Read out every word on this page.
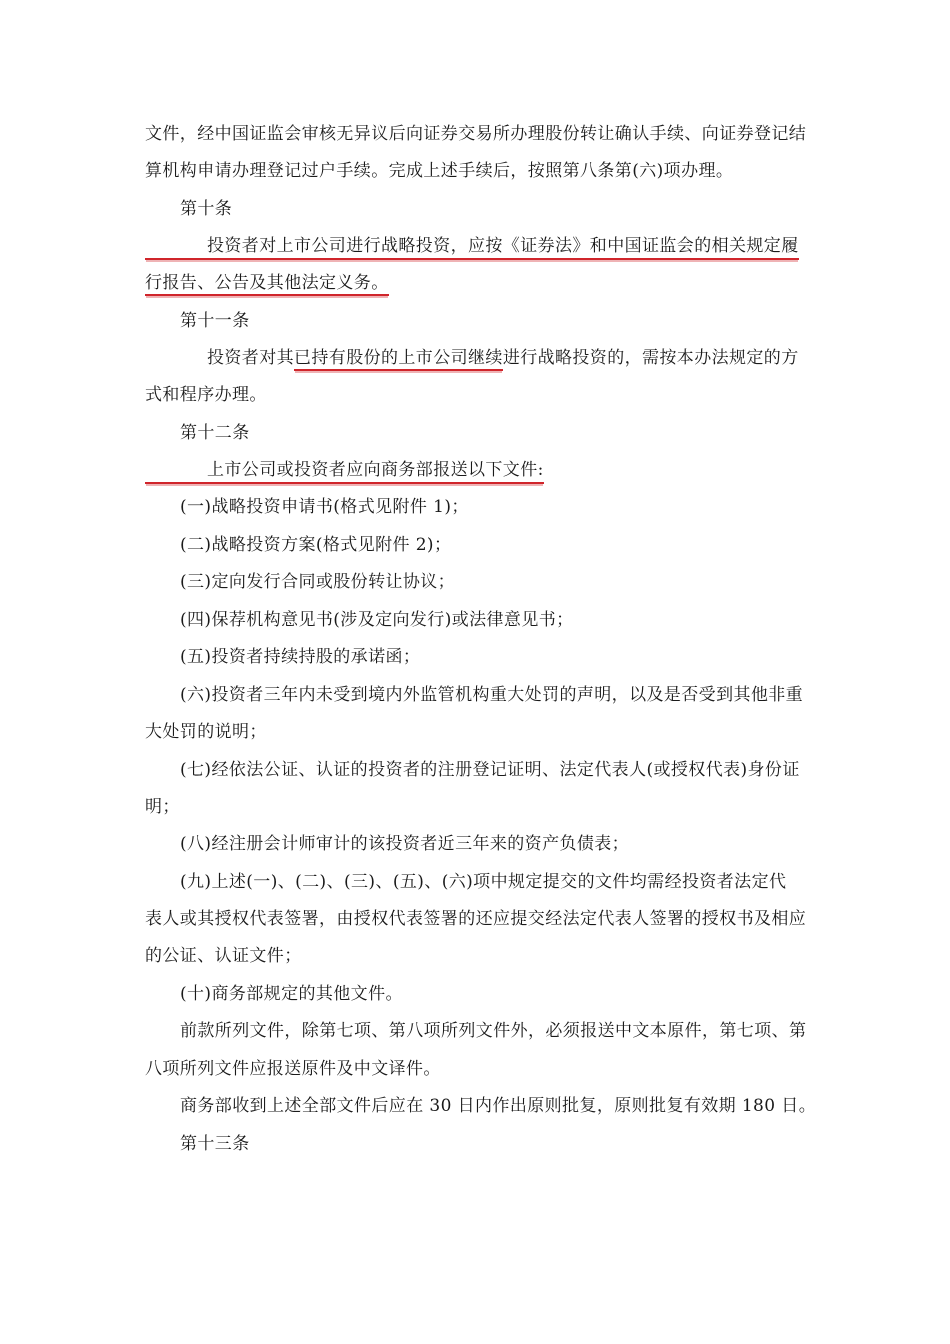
文件，经中国证监会审核无异议后向证券交易所办理股份转让确认手续、向证券登记结
算机构申请办理登记过户手续。完成上述手续后，按照第八条第(六)项办理。
第十条
投资者对上市公司进行战略投资，应按《证券法》和中国证监会的相关规定履
行报告、公告及其他法定义务。
第十一条
投资者对其已持有股份的上市公司继续进行战略投资的，需按本办法规定的方
式和程序办理。
第十二条
上市公司或投资者应向商务部报送以下文件:
(一)战略投资申请书(格式见附件 1)；
(二)战略投资方案(格式见附件 2)；
(三)定向发行合同或股份转让协议；
(四)保荐机构意见书(涉及定向发行)或法律意见书；
(五)投资者持续持股的承诺函；
(六)投资者三年内未受到境内外监管机构重大处罚的声明，以及是否受到其他非重
大处罚的说明；
(七)经依法公证、认证的投资者的注册登记证明、法定代表人(或授权代表)身份证
明；
(八)经注册会计师审计的该投资者近三年来的资产负债表；
(九)上述(一)、(二)、(三)、(五)、(六)项中规定提交的文件均需经投资者法定代
表人或其授权代表签署，由授权代表签署的还应提交经法定代表人签署的授权书及相应
的公证、认证文件；
(十)商务部规定的其他文件。
前款所列文件，除第七项、第八项所列文件外，必须报送中文本原件，第七项、第
八项所列文件应报送原件及中文译件。
商务部收到上述全部文件后应在 30 日内作出原则批复，原则批复有效期 180 日。
第十三条
